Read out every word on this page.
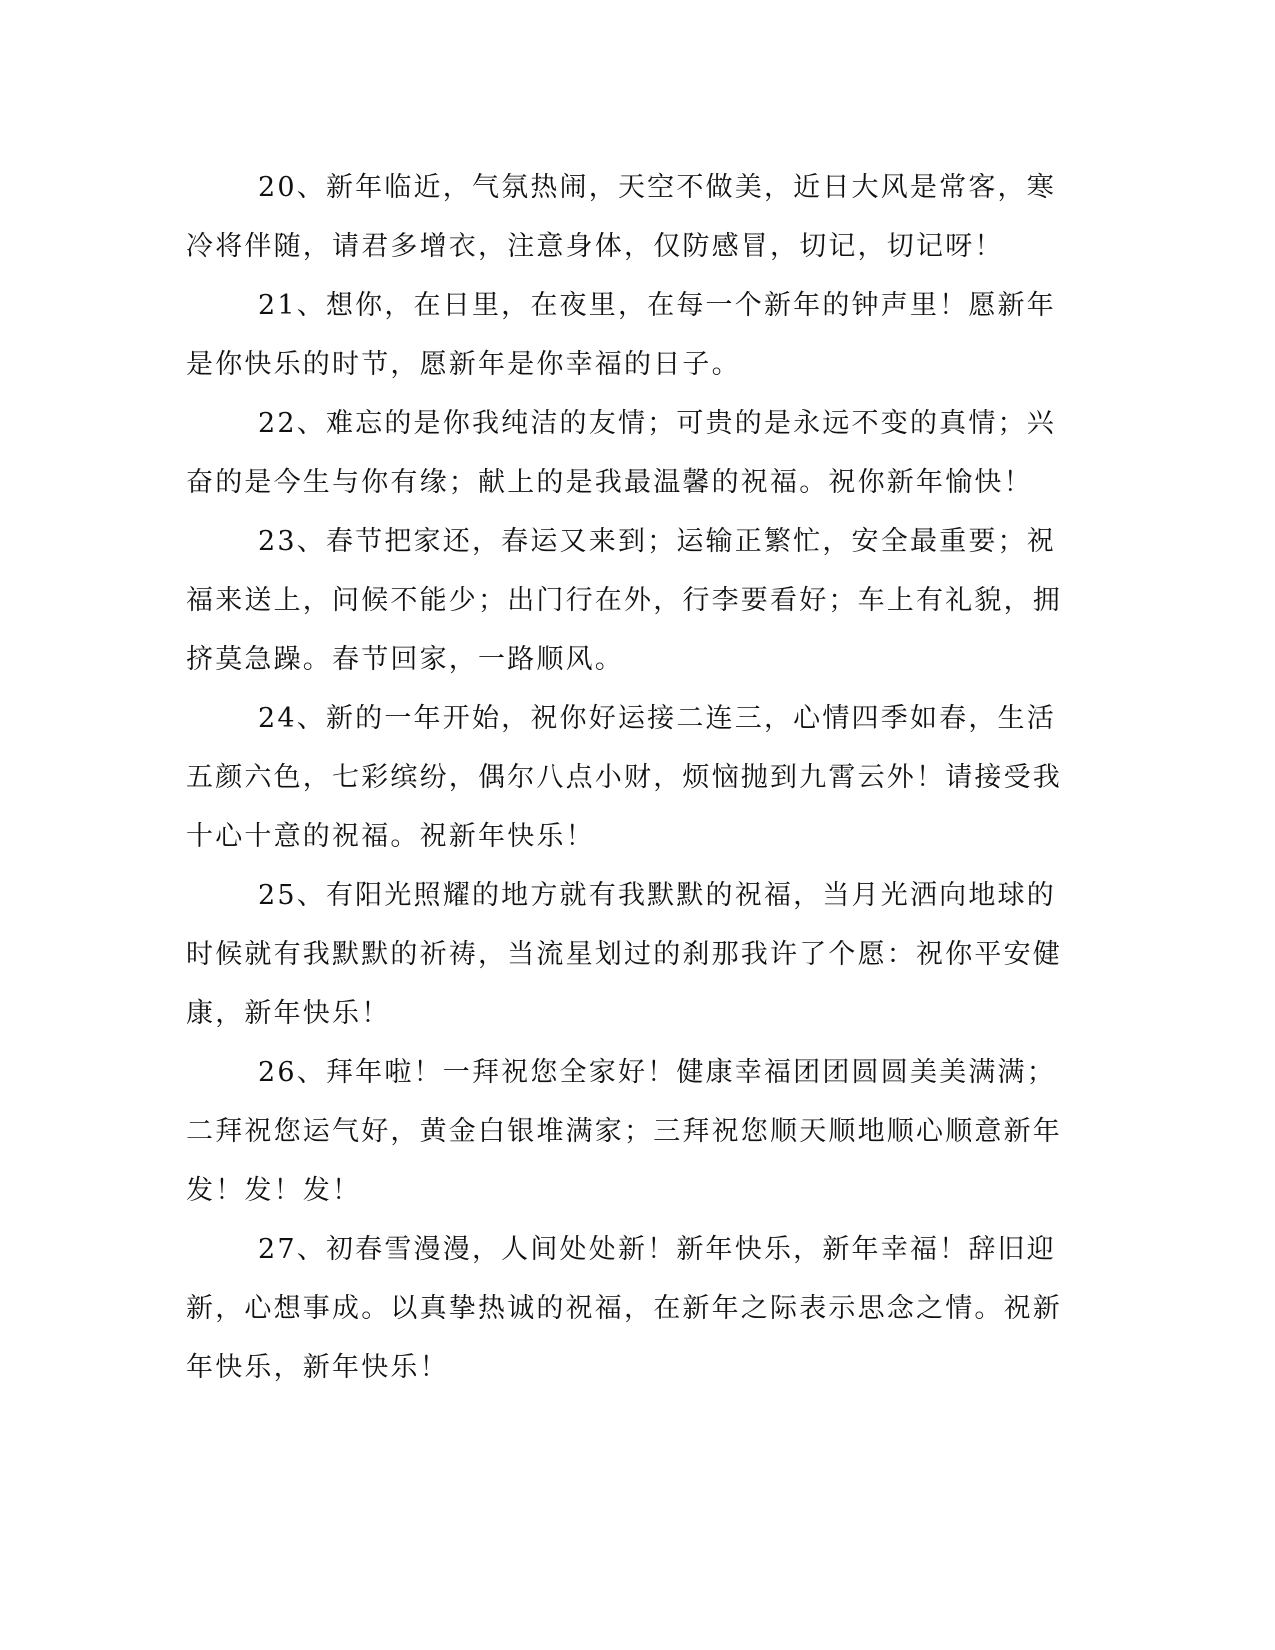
20、新年临近，气氛热闹，天空不做美，近日大风是常客，寒冷将伴随，请君多增衣，注意身体，仅防感冒，切记，切记呀！

21、想你，在日里，在夜里，在每一个新年的钟声里！愿新年是你快乐的时节，愿新年是你幸福的日子。

22、难忘的是你我纯洁的友情；可贵的是永远不变的真情；兴奋的是今生与你有缘；献上的是我最温馨的祝福。祝你新年愉快！

23、春节把家还，春运又来到；运输正繁忙，安全最重要；祝福来送上，问候不能少；出门行在外，行李要看好；车上有礼貌，拥挤莫急躁。春节回家，一路顺风。

24、新的一年开始，祝你好运接二连三，心情四季如春，生活五颜六色，七彩缤纷，偶尔八点小财，烦恼抛到九霄云外！请接受我十心十意的祝福。祝新年快乐！

25、有阳光照耀的地方就有我默默的祝福，当月光洒向地球的时候就有我默默的祈祷，当流星划过的刹那我许了个愿：祝你平安健康，新年快乐！

26、拜年啦！一拜祝您全家好！健康幸福团团圆圆美美满满；二拜祝您运气好，黄金白银堆满家；三拜祝您顺天顺地顺心顺意新年发！发！发！

27、初春雪漫漫，人间处处新！新年快乐，新年幸福！辞旧迎新，心想事成。以真挚热诚的祝福，在新年之际表示思念之情。祝新年快乐，新年快乐！
